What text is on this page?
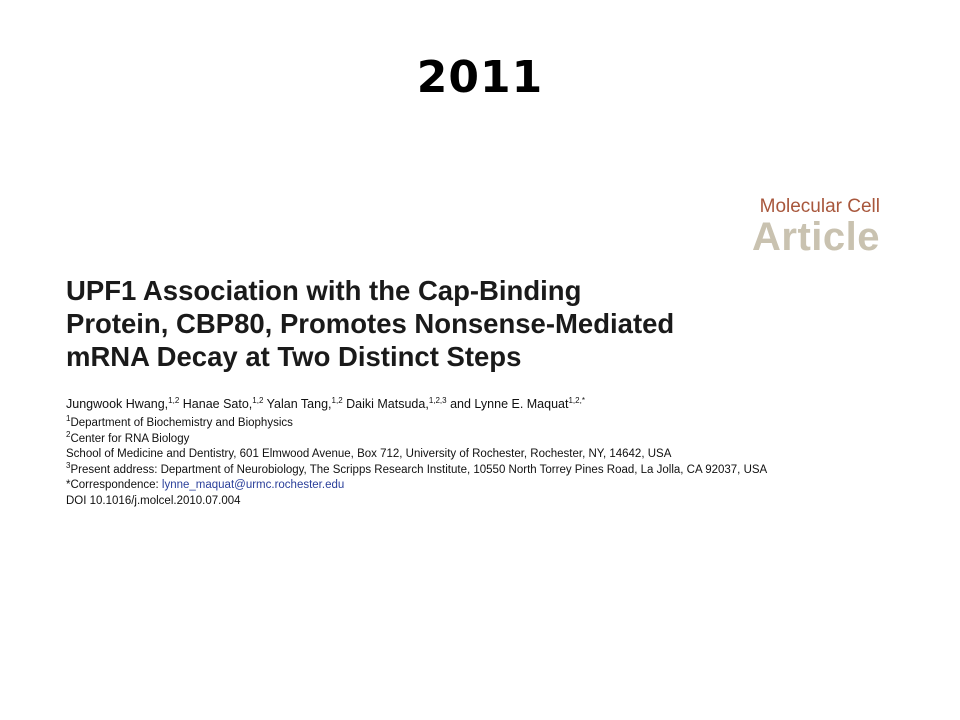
2011
Molecular Cell
Article
UPF1 Association with the Cap-Binding
Protein, CBP80, Promotes Nonsense-Mediated
mRNA Decay at Two Distinct Steps
Jungwook Hwang,$^{1,2}$ Hanae Sato,$^{1,2}$ Yalan Tang,$^{1,2}$ Daiki Matsuda,$^{1,2,3}$ and Lynne E. Maquat$^{1,2,*}$
$^1$Department of Biochemistry and Biophysics
$^2$Center for RNA Biology
School of Medicine and Dentistry, 601 Elmwood Avenue, Box 712, University of Rochester, Rochester, NY, 14642, USA
$^3$Present address: Department of Neurobiology, The Scripps Research Institute, 10550 North Torrey Pines Road, La Jolla, CA 92037, USA
*Correspondence: lynne_maquat@urmc.rochester.edu
DOI 10.1016/j.molcel.2010.07.004
